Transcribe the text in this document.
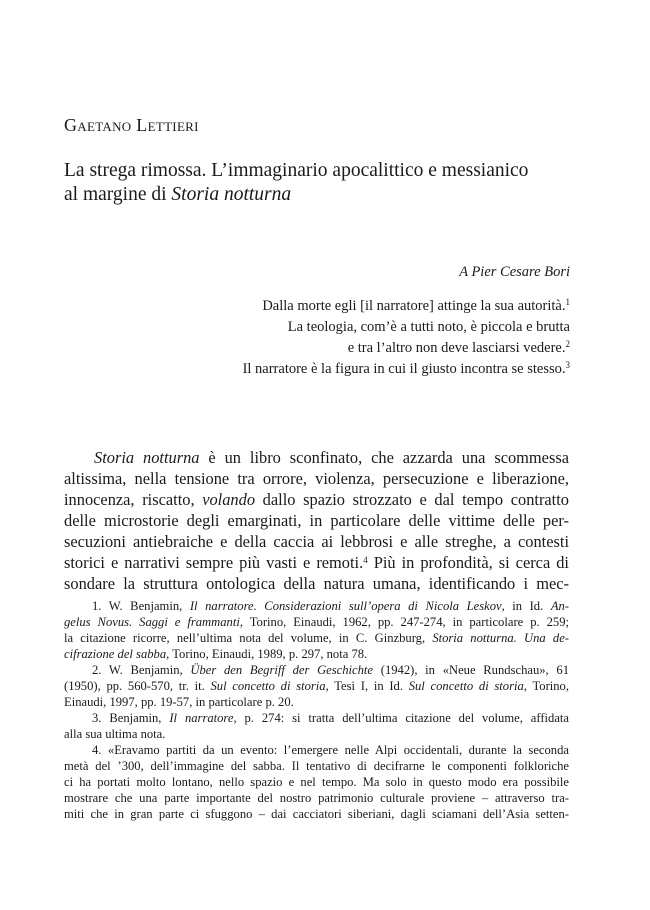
Gaetano Lettieri
La strega rimossa. L’immaginario apocalittico e messianico
al margine di Storia notturna
A Pier Cesare Bori
Dalla morte egli [il narratore] attinge la sua autorità.$^1$
La teologia, com’è a tutti noto, è piccola e brutta
e tra l’altro non deve lasciarsi vedere.$^2$
Il narratore è la figura in cui il giusto incontra se stesso.$^3$
Storia notturna è un libro sconfinato, che azzarda una scommessa
altissima, nella tensione tra orrore, violenza, persecuzione e liberazione,
innocenza, riscatto, volando dallo spazio strozzato e dal tempo contratto
delle microstorie degli emarginati, in particolare delle vittime delle per-
secuzioni antiebraiche e della caccia ai lebbrosi e alle streghe, a contesti
storici e narrativi sempre più vasti e remoti.$^4$ Più in profondità, si cerca di
sondare la struttura ontologica della natura umana, identificando i mec-
1. W. Benjamin, Il narratore. Considerazioni sull’opera di Nicola Leskov, in Id. An-
gelus Novus. Saggi e frammanti, Torino, Einaudi, 1962, pp. 247-274, in particolare p. 259;
la citazione ricorre, nell’ultima nota del volume, in C. Ginzburg, Storia notturna. Una de-
cifrazione del sabba, Torino, Einaudi, 1989, p. 297, nota 78.
2. W. Benjamin, Über den Begriff der Geschichte (1942), in «Neue Rundschau», 61
(1950), pp. 560-570, tr. it. Sul concetto di storia, Tesi I, in Id. Sul concetto di storia, Torino,
Einaudi, 1997, pp. 19-57, in particolare p. 20.
3. Benjamin, Il narratore, p. 274: si tratta dell’ultima citazione del volume, affidata
alla sua ultima nota.
4. «Eravamo partiti da un evento: l’emergere nelle Alpi occidentali, durante la seconda
metà del ’300, dell’immagine del sabba. Il tentativo di decifrarne le componenti folkloriche
ci ha portati molto lontano, nello spazio e nel tempo. Ma solo in questo modo era possibile
mostrare che una parte importante del nostro patrimonio culturale proviene – attraverso tra-
miti che in gran parte ci sfuggono – dai cacciatori siberiani, dagli sciamani dell’Asia setten-
